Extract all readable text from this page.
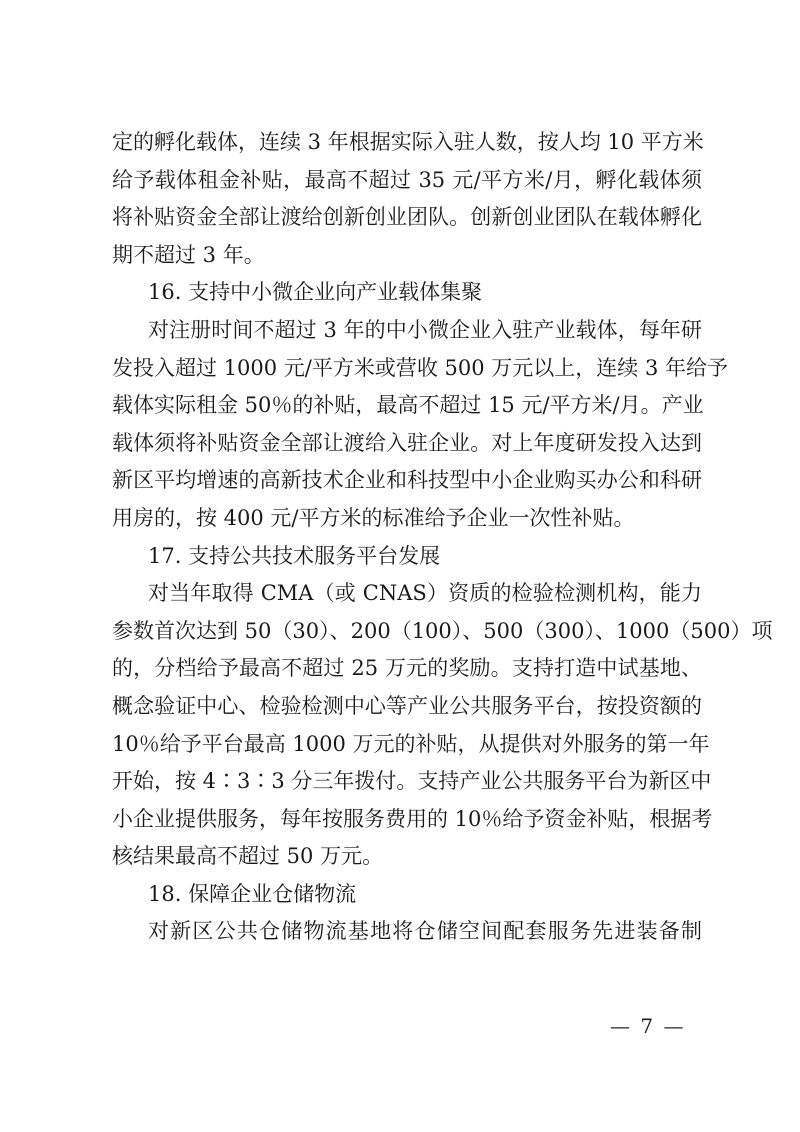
定的孵化载体，连续 3 年根据实际入驻人数，按人均 10 平方米
给予载体租金补贴，最高不超过 35 元/平方米/月，孵化载体须
将补贴资金全部让渡给创新创业团队。创新创业团队在载体孵化
期不超过 3 年。
16. 支持中小微企业向产业载体集聚
对注册时间不超过 3 年的中小微企业入驻产业载体，每年研
发投入超过 1000 元/平方米或营收 500 万元以上，连续 3 年给予
载体实际租金 50％的补贴，最高不超过 15 元/平方米/月。产业
载体须将补贴资金全部让渡给入驻企业。对上年度研发投入达到
新区平均增速的高新技术企业和科技型中小企业购买办公和科研
用房的，按 400 元/平方米的标准给予企业一次性补贴。
17. 支持公共技术服务平台发展
对当年取得 CMA（或 CNAS）资质的检验检测机构，能力
参数首次达到 50（30）、200（100）、500（300）、1000（500）项
的，分档给予最高不超过 25 万元的奖励。支持打造中试基地、
概念验证中心、检验检测中心等产业公共服务平台，按投资额的
10％给予平台最高 1000 万元的补贴，从提供对外服务的第一年
开始，按 4∶3∶3 分三年拨付。支持产业公共服务平台为新区中
小企业提供服务，每年按服务费用的 10％给予资金补贴，根据考
核结果最高不超过 50 万元。
18. 保障企业仓储物流
对新区公共仓储物流基地将仓储空间配套服务先进装备制
— 7 —
